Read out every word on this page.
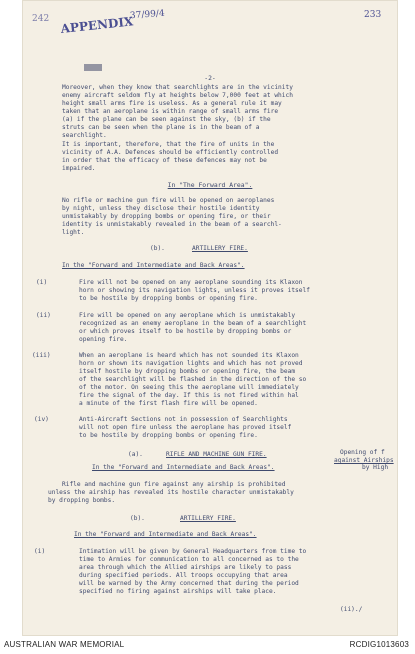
242 APPENDIX
37/99/4	233
-2-
Moreover, when they know that searchlights are in the vicinity
enemy aircraft seldom fly at heights below 7,000 feet at which
height small arms fire is useless. As a general rule it may
taken that an aeroplane is within range of small arms fire
(a) if the plane can be seen against the sky, (b) if the
struts can be seen when the plane is in the beam of a
searchlight.
It is important, therefore, that the fire of units in the
vicinity of A.A. Defences should be efficiently controlled
in order that the efficacy of these defences may not be
impaired.
In "The Forward Area".
No rifle or machine gun fire will be opened on aeroplanes
by night, unless they disclose their hostile identity
unmistakably by dropping bombs or opening fire, or their
identity is unmistakably revealed in the beam of a searchl-
light.
(b).	ARTILLERY FIRE.
In the "Forward and Intermediate and Back Areas".
(i)	Fire will not be opened on any aeroplane sounding its Klaxon
horn or showing its navigation lights, unless it proves itself
to be hostile by dropping bombs or opening fire.
(ii)	Fire will be opened on any aeroplane which is unmistakably
recognized as an enemy aeroplane in the beam of a searchlight
or which proves itself to be hostile by dropping bombs or
opening fire.
(iii)	When an aeroplane is heard which has not sounded its Klaxon
horn or shown its navigation lights and which has not proved
itself hostile by dropping bombs or opening fire, the beam
of the searchlight will be flashed in the direction of the so
of the motor. On seeing this the aeroplane will immediately
fire the signal of the day. If this is not fired within hal
a minute of the first flash fire will be opened.
(iv)	Anti-Aircraft Sections not in possession of Searchlights
will not open fire unless the aeroplane has proved itself
to be hostile by dropping bombs or opening fire.
(a).	RIFLE AND MACHINE GUN FIRE.	Opening of f
against Airships
In the "Forward and Intermediate and Back Areas".	by High
Rifle and machine gun fire against any airship is prohibited
unless the airship has revealed its hostile character unmistakably
by dropping bombs.
(b).	ARTILLERY FIRE.
In the "Forward and Intermediate and Back Areas".
(i)	Intimation will be given by General Headquarters from time to
time to Armies for communication to all concerned as to the
area through which the Allied airships are likely to pass
during specified periods. All troops occupying that area
will be warned by the Army concerned that during the period
specified no firing against airships will take place.
(ii)./
AUSTRALIAN WAR MEMORIAL	RCDIG1013603
